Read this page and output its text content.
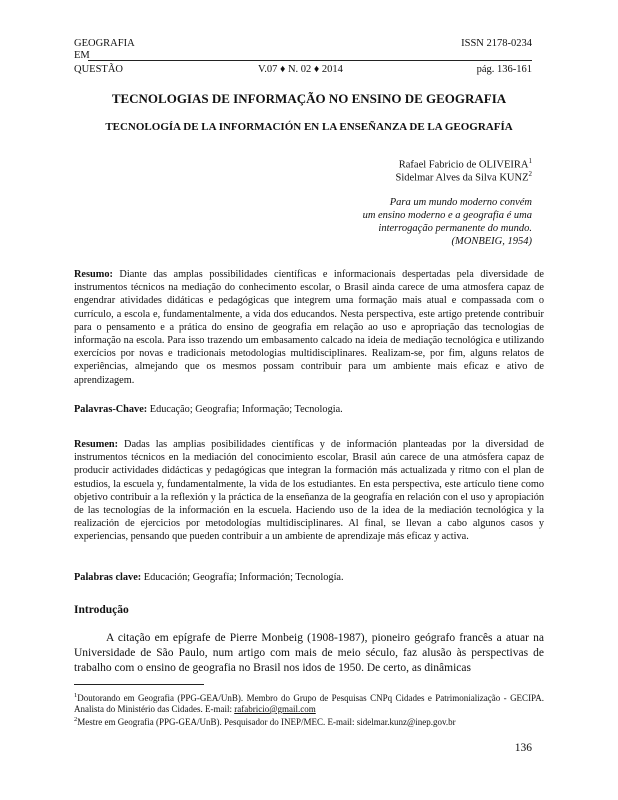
GEOGRAFIA	ISSN 2178-0234
EM
QUESTÃO	V.07 ♦ N. 02 ♦ 2014	pág. 136-161
TECNOLOGIAS DE INFORMAÇÃO NO ENSINO DE GEOGRAFIA
TECNOLOGÍA DE LA INFORMACIÓN EN LA ENSEÑANZA DE LA GEOGRAFÍA
Rafael Fabricio de OLIVEIRA$^1$
Sidelmar Alves da Silva KUNZ$^2$
Para um mundo moderno convém
um ensino moderno e a geografia é uma
interrogação permanente do mundo.
(MONBEIG, 1954)
Resumo: Diante das amplas possibilidades científicas e informacionais despertadas pela diversidade de instrumentos técnicos na mediação do conhecimento escolar, o Brasil ainda carece de uma atmosfera capaz de engendrar atividades didáticas e pedagógicas que integrem uma formação mais atual e compassada com o currículo, a escola e, fundamentalmente, a vida dos educandos. Nesta perspectiva, este artigo pretende contribuir para o pensamento e a prática do ensino de geografia em relação ao uso e apropriação das tecnologias de informação na escola. Para isso trazendo um embasamento calcado na ideia de mediação tecnológica e utilizando exercícios por novas e tradicionais metodologias multidisciplinares. Realizam-se, por fim, alguns relatos de experiências, almejando que os mesmos possam contribuir para um ambiente mais eficaz e ativo de aprendizagem.
Palavras-Chave: Educação; Geografia; Informação; Tecnologia.
Resumen: Dadas las amplias posibilidades científicas y de información planteadas por la diversidad de instrumentos técnicos en la mediación del conocimiento escolar, Brasil aún carece de una atmósfera capaz de producir actividades didácticas y pedagógicas que integran la formación más actualizada y ritmo con el plan de estudios, la escuela y, fundamentalmente, la vida de los estudiantes. En esta perspectiva, este artículo tiene como objetivo contribuir a la reflexión y la práctica de la enseñanza de la geografía en relación con el uso y apropiación de las tecnologías de la información en la escuela. Haciendo uso de la idea de la mediación tecnológica y la realización de ejercicios por metodologías multidisciplinares. Al final, se llevan a cabo algunos casos y experiencias, pensando que pueden contribuir a un ambiente de aprendizaje más eficaz y activa.
Palabras clave: Educación; Geografía; Información; Tecnología.
Introdução
A citação em epígrafe de Pierre Monbeig (1908-1987), pioneiro geógrafo francês a atuar na Universidade de São Paulo, num artigo com mais de meio século, faz alusão às perspectivas de trabalho com o ensino de geografia no Brasil nos idos de 1950. De certo, as dinâmicas
$^1$Doutorando em Geografia (PPG-GEA/UnB). Membro do Grupo de Pesquisas CNPq Cidades e Patrimonialização - GECIPA. Analista do Ministério das Cidades. E-mail: rafabricio@gmail.com
$^2$Mestre em Geografia (PPG-GEA/UnB). Pesquisador do INEP/MEC. E-mail: sidelmar.kunz@inep.gov.br
136
